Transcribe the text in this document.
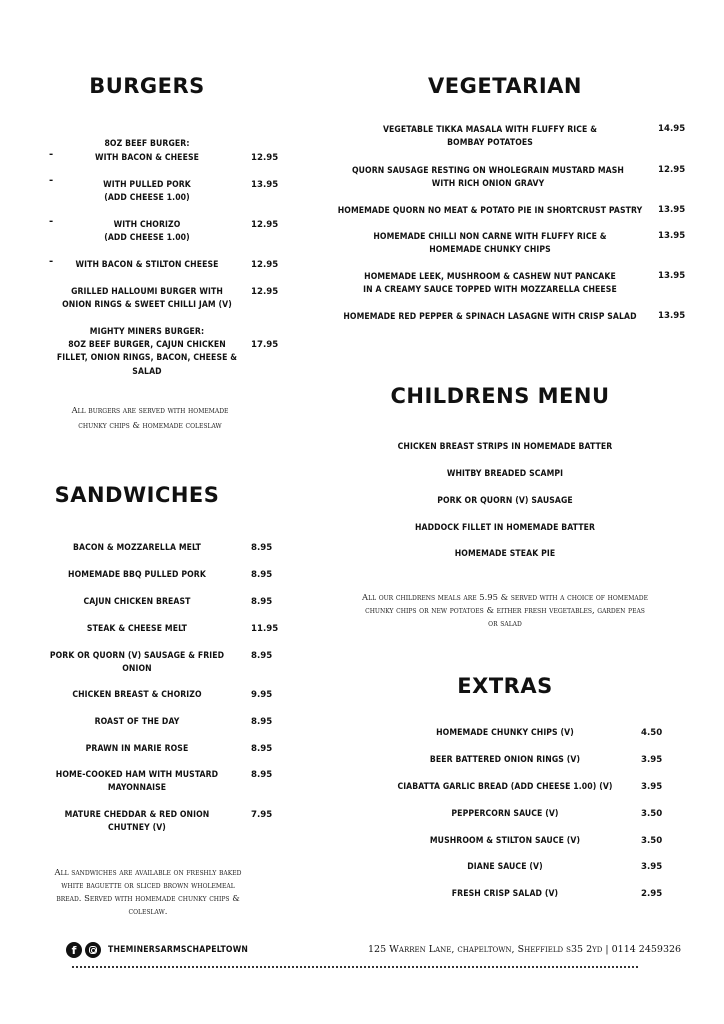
BURGERS
8OZ BEEF BURGER:
-	WITH BACON & CHEESE	12.95
-	WITH PULLED PORK
(ADD CHEESE 1.00)
13.95
-	WITH CHORIZO
(ADD CHEESE 1.00)
12.95
-	WITH BACON & STILTON CHEESE	12.95
GRILLED HALLOUMI BURGER WITH
ONION RINGS & SWEET CHILLI JAM (V)
12.95
MIGHTY MINERS BURGER:
8OZ BEEF BURGER, CAJUN CHICKEN
FILLET, ONION RINGS, BACON, CHEESE &
SALAD
17.95
All burgers are served with homemade
chunky chips & homemade coleslaw
SANDWICHES
BACON & MOZZARELLA MELT	8.95
HOMEMADE BBQ PULLED PORK	8.95
CAJUN CHICKEN BREAST	8.95
STEAK & CHEESE MELT	11.95
PORK OR QUORN (V) SAUSAGE & FRIED
ONION
8.95
CHICKEN BREAST & CHORIZO	9.95
ROAST OF THE DAY	8.95
PRAWN IN MARIE ROSE	8.95
HOME-COOKED HAM WITH MUSTARD
MAYONNAISE
8.95
MATURE CHEDDAR & RED ONION
CHUTNEY (V)
7.95
All sandwiches are available on freshly baked
white baguette or sliced brown wholemeal
bread. Served with homemade chunky chips &
coleslaw.
VEGETARIAN
VEGETABLE TIKKA MASALA WITH FLUFFY RICE &
BOMBAY POTATOES
14.95
QUORN SAUSAGE RESTING ON WHOLEGRAIN MUSTARD MASH
WITH RICH ONION GRAVY
12.95
HOMEMADE QUORN NO MEAT & POTATO PIE IN SHORTCRUST PASTRY	13.95
HOMEMADE CHILLI NON CARNE WITH FLUFFY RICE &
HOMEMADE CHUNKY CHIPS
13.95
HOMEMADE LEEK, MUSHROOM & CASHEW NUT PANCAKE
IN A CREAMY SAUCE TOPPED WITH MOZZARELLA CHEESE
13.95
HOMEMADE RED PEPPER & SPINACH LASAGNE WITH CRISP SALAD	13.95
CHILDRENS MENU
CHICKEN BREAST STRIPS IN HOMEMADE BATTER
WHITBY BREADED SCAMPI
PORK OR QUORN (V) SAUSAGE
HADDOCK FILLET IN HOMEMADE BATTER
HOMEMADE STEAK PIE
All our childrens meals are 5.95 & served with a choice of homemade
chunky chips or new potatoes & either fresh vegetables, garden peas
or salad
EXTRAS
HOMEMADE CHUNKY CHIPS (V)	4.50
BEER BATTERED ONION RINGS (V)	3.95
CIABATTA GARLIC BREAD (ADD CHEESE 1.00) (V)	3.95
PEPPERCORN SAUCE (V)	3.50
MUSHROOM & STILTON SAUCE (V)	3.50
DIANE SAUCE (V)	3.95
FRESH CRISP SALAD (V)	2.95
f	THEMINERSARMSCHAPELTOWN	125 Warren Lane, chapeltown, Sheffield s35 2yd | 0114 2459326
